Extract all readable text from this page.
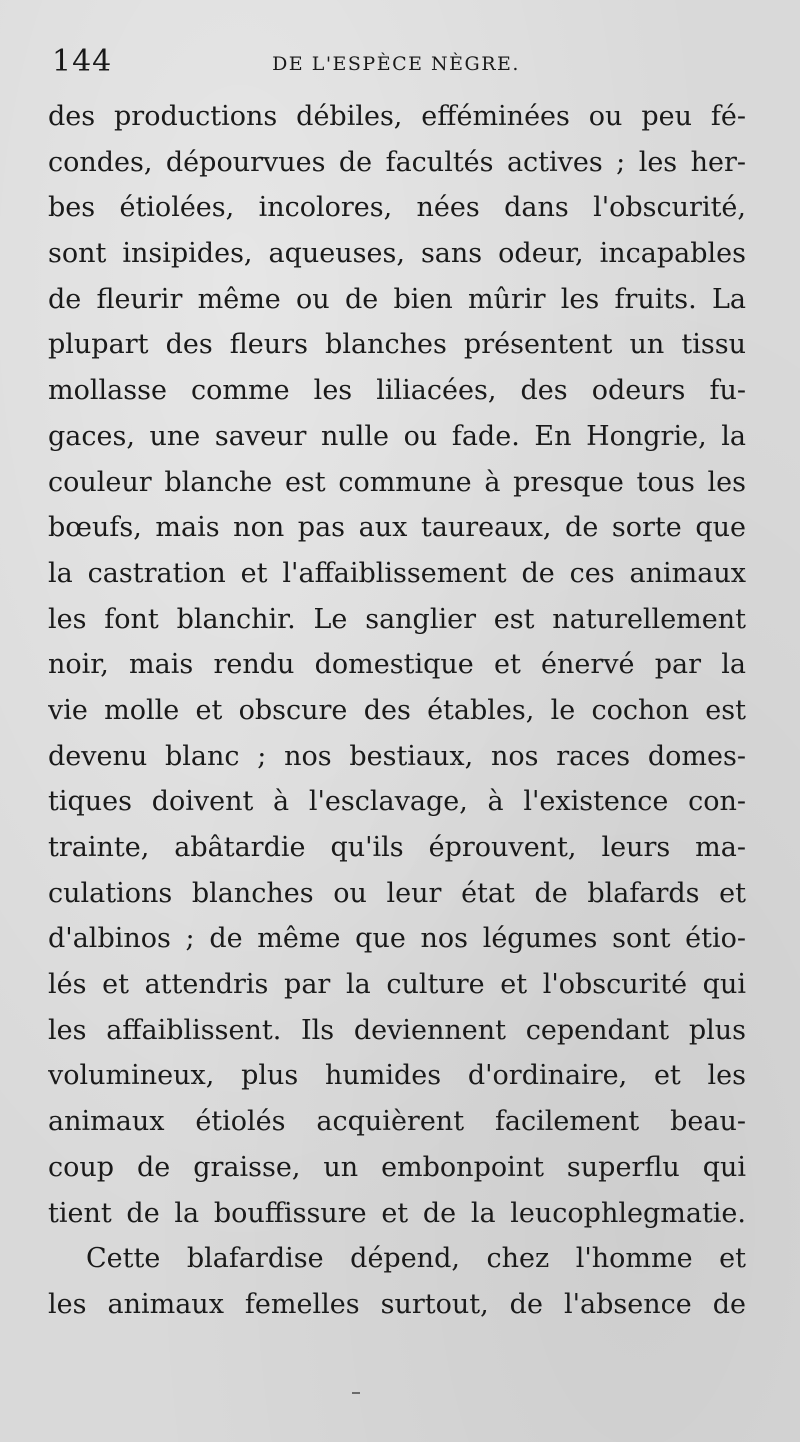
144	DE L'ESPÈCE NÈGRE.
des productions débiles, efféminées ou peu fé-
condes, dépourvues de facultés actives ; les her-
bes étiolées, incolores, nées dans l'obscurité,
sont insipides, aqueuses, sans odeur, incapables
de fleurir même ou de bien mûrir les fruits. La
plupart des fleurs blanches présentent un tissu
mollasse comme les liliacées, des odeurs fu-
gaces, une saveur nulle ou fade. En Hongrie, la
couleur blanche est commune à presque tous les
bœufs, mais non pas aux taureaux, de sorte que
la castration et l'affaiblissement de ces animaux
les font blanchir. Le sanglier est naturellement
noir, mais rendu domestique et énervé par la
vie molle et obscure des étables, le cochon est
devenu blanc ; nos bestiaux, nos races domes-
tiques doivent à l'esclavage, à l'existence con-
trainte, abâtardie qu'ils éprouvent, leurs ma-
culations blanches ou leur état de blafards et
d'albinos ; de même que nos légumes sont étio-
lés et attendris par la culture et l'obscurité qui
les affaiblissent. Ils deviennent cependant plus
volumineux, plus humides d'ordinaire, et les
animaux étiolés acquièrent facilement beau-
coup de graisse, un embonpoint superflu qui
tient de la bouffissure et de la leucophlegmatie.
Cette blafardise dépend, chez l'homme et
les animaux femelles surtout, de l'absence de
